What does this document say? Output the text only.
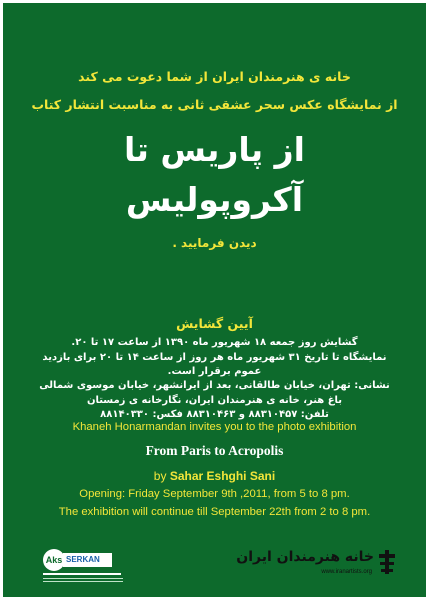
خانه ی هنرمندان ایران از شما دعوت می کند
از نمایشگاه عکس سحر عشقی ثانی به مناسبت انتشار کتاب
از پاریس تا
آکروپولیس
دیدن فرمایید .
آیین گشایش
گشایش روز جمعه ۱۸ شهریور ماه ۱۳۹۰ از ساعت ۱۷ تا ۲۰.
نمایشگاه تا تاریخ ۳۱ شهریور ماه هر روز از ساعت ۱۴ تا ۲۰ برای بازدید
عموم برقرار است.
نشانی: تهران، خیابان طالقانی، بعد از ایرانشهر، خیابان موسوی شمالی
باغ هنر، خانه ی هنرمندان ایران، نگارخانه ی زمستان
تلفن: ۸۸۳۱۰۴۵۷ و ۸۸۳۱۰۴۶۳ فکس: ۸۸۱۴۰۳۳۰
Khaneh Honarmandan invites you to the photo exhibition
From Paris to Acropolis
by Sahar Eshghi Sani
Opening: Friday September 9th ,2011, from 5 to 8 pm.
The exhibition will continue till September 22th from 2 to 8 pm.
Aks SERKAN	خانه هنرمندان ایران
www.iranartists.org
